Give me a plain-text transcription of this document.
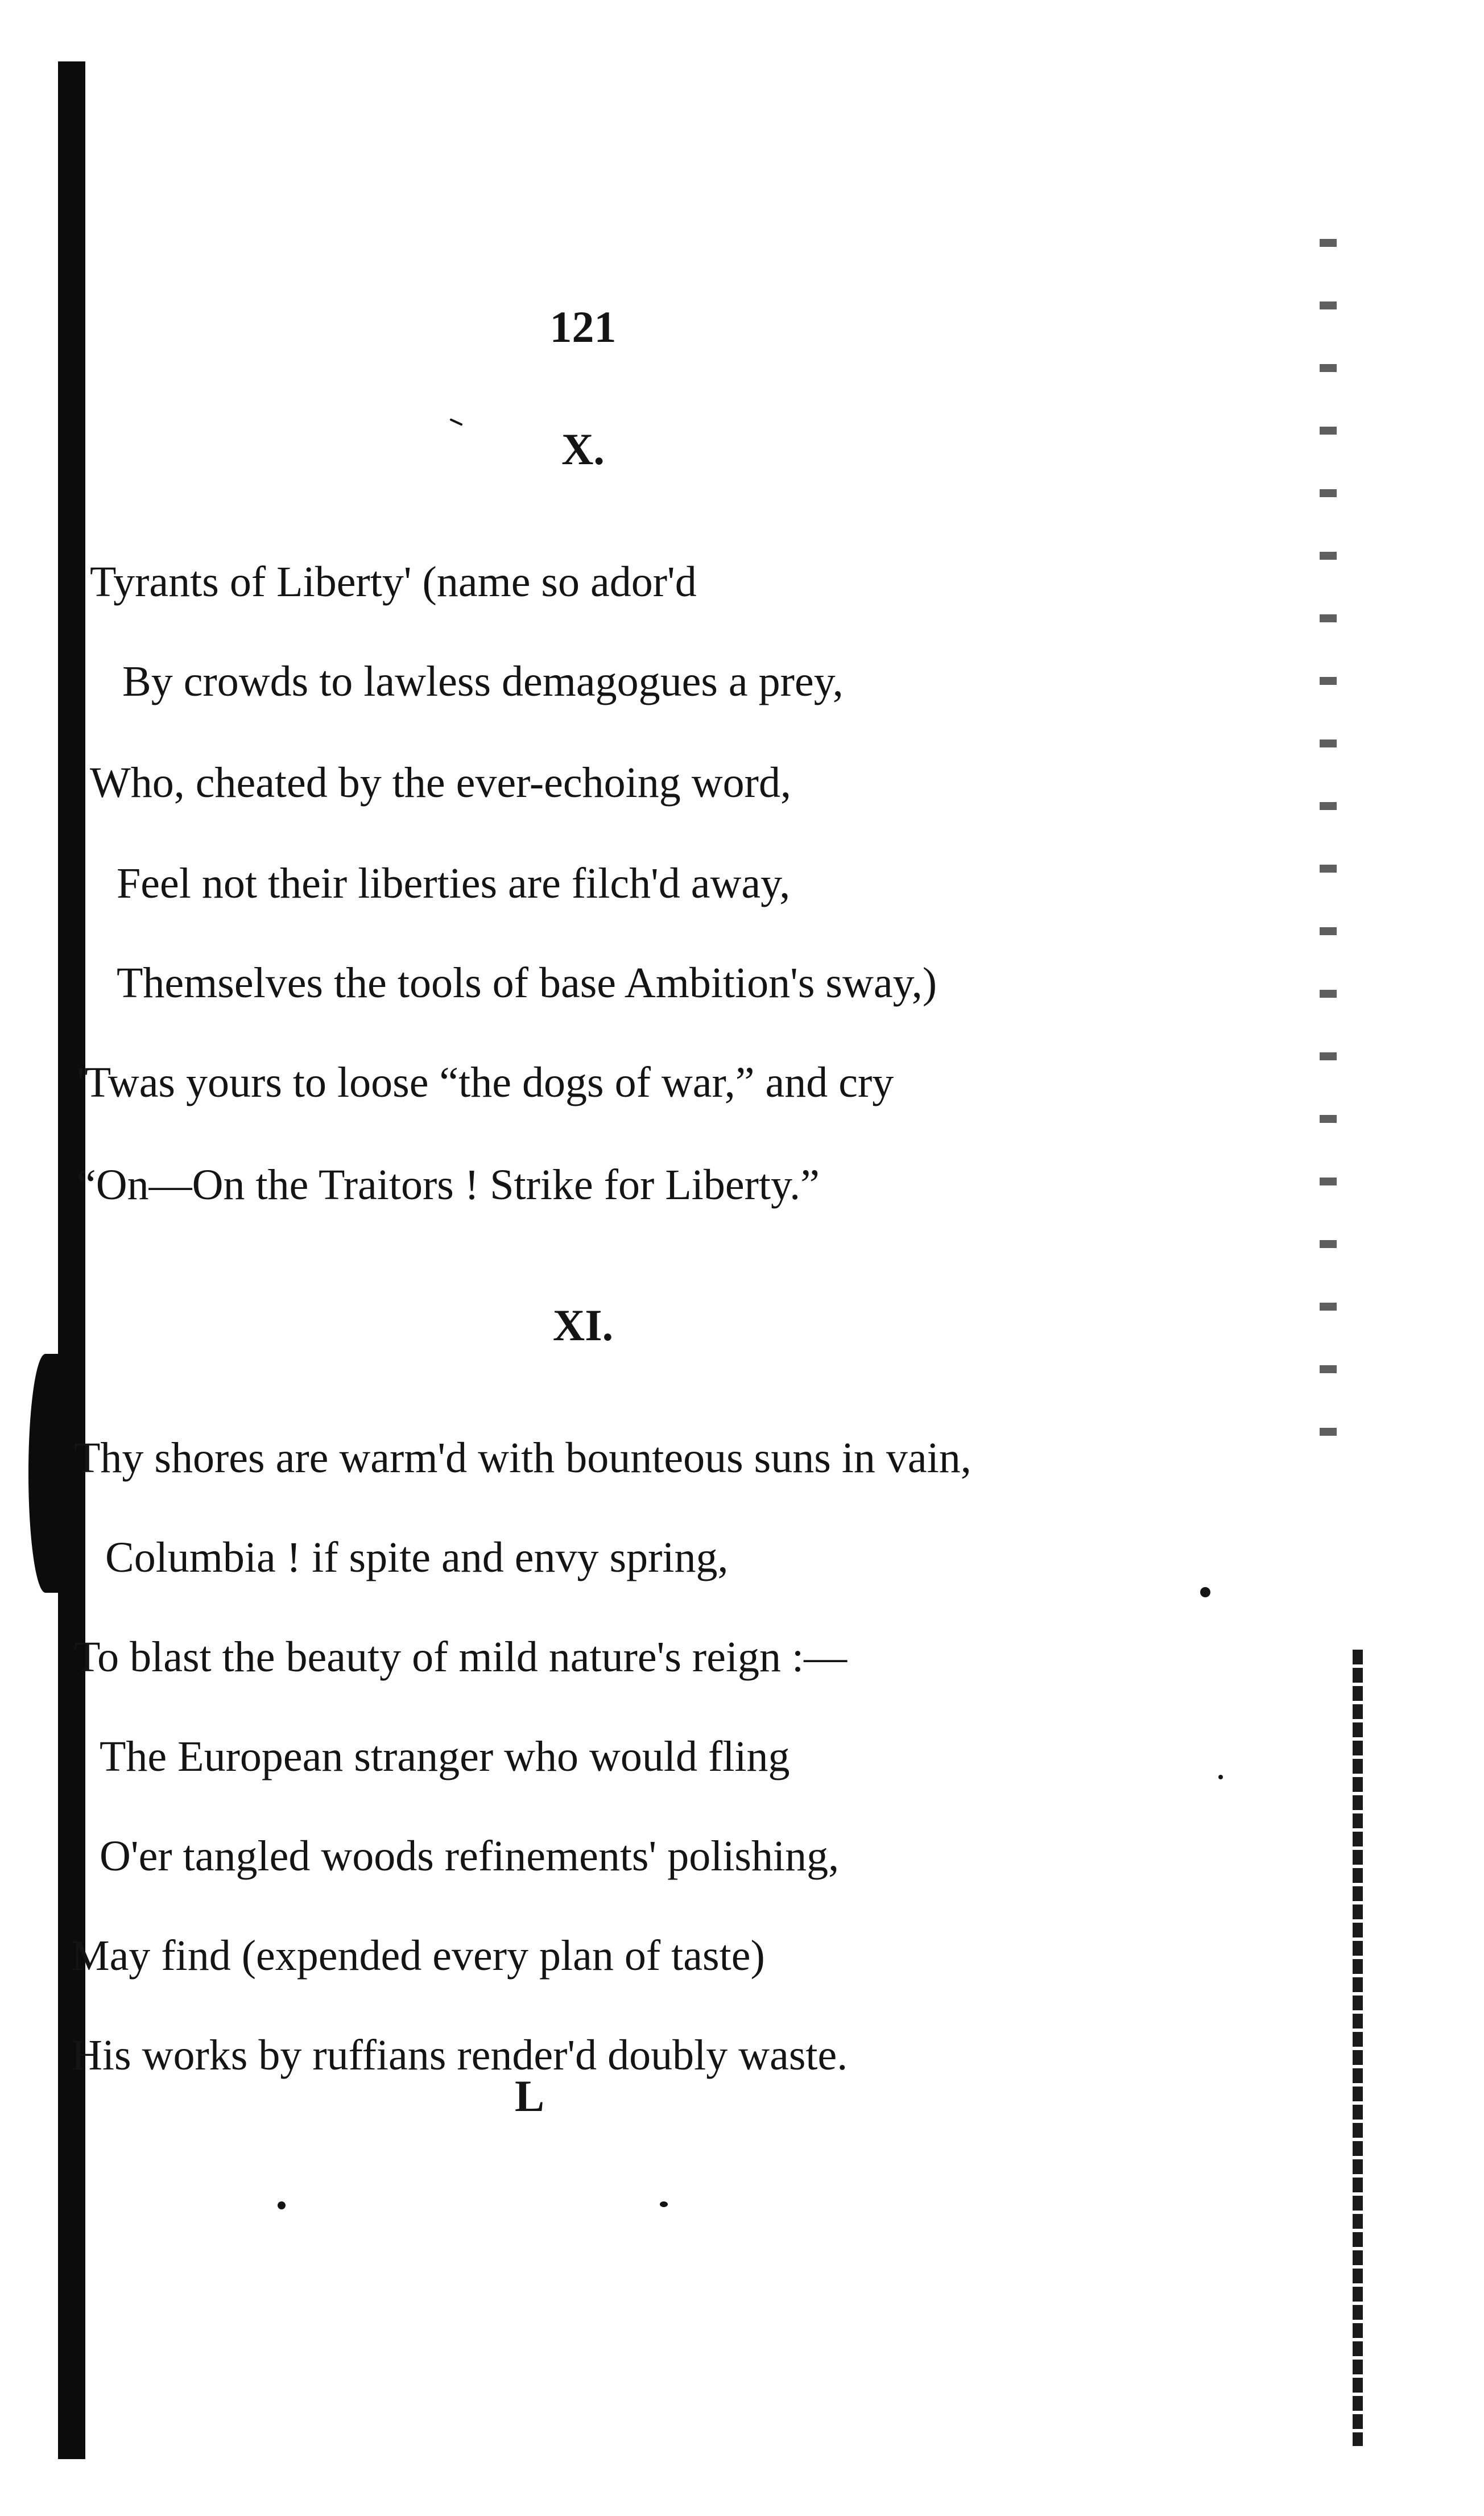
121
X.
Tyrants of Liberty' (name so ador'd
By crowds to lawless demagogues a prey,
Who, cheated by the ever-echoing word,
Feel not their liberties are filch'd away,
Themselves the tools of base Ambition's sway,)
'Twas yours to loose “the dogs of war,” and cry
“On—On the Traitors ! Strike for Liberty.”
XI.
Thy shores are warm'd with bounteous suns in vain,
Columbia ! if spite and envy spring,
To blast the beauty of mild nature's reign :—
The European stranger who would fling
O'er tangled woods refinements' polishing,
May find (expended every plan of taste)
His works by ruffians render'd doubly waste.
L
